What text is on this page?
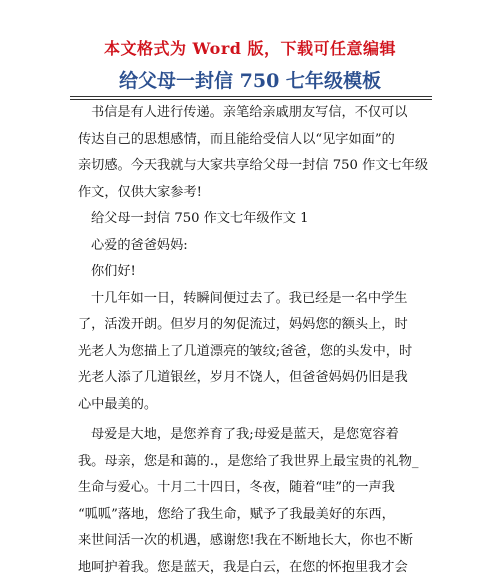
本文格式为 Word 版，下载可任意编辑
给父母一封信 750 七年级模板
书信是有人进行传递。亲笔给亲戚朋友写信，不仅可以
传达自己的思想感情，而且能给受信人以“见字如面”的
亲切感。今天我就与大家共享给父母一封信 750 作文七年级
作文，仅供大家参考!
给父母一封信 750 作文七年级作文 1
心爱的爸爸妈妈:
你们好!
十几年如一日，转瞬间便过去了。我已经是一名中学生
了，活泼开朗。但岁月的匆促流过，妈妈您的额头上，时
光老人为您描上了几道漂亮的皱纹;爸爸，您的头发中，时
光老人添了几道银丝，岁月不饶人，但爸爸妈妈仍旧是我
心中最美的。
母爱是大地，是您养育了我;母爱是蓝天，是您宽容着
我。母亲，您是和蔼的.，是您给了我世界上最宝贵的礼物_
生命与爱心。十月二十四日，冬夜，随着“哇”的一声我
“呱呱”落地，您给了我生命，赋予了我最美好的东西，
来世间活一次的机遇，感谢您!我在不断地长大，你也不断
地呵护着我。您是蓝天，我是白云，在您的怀抱里我才会
